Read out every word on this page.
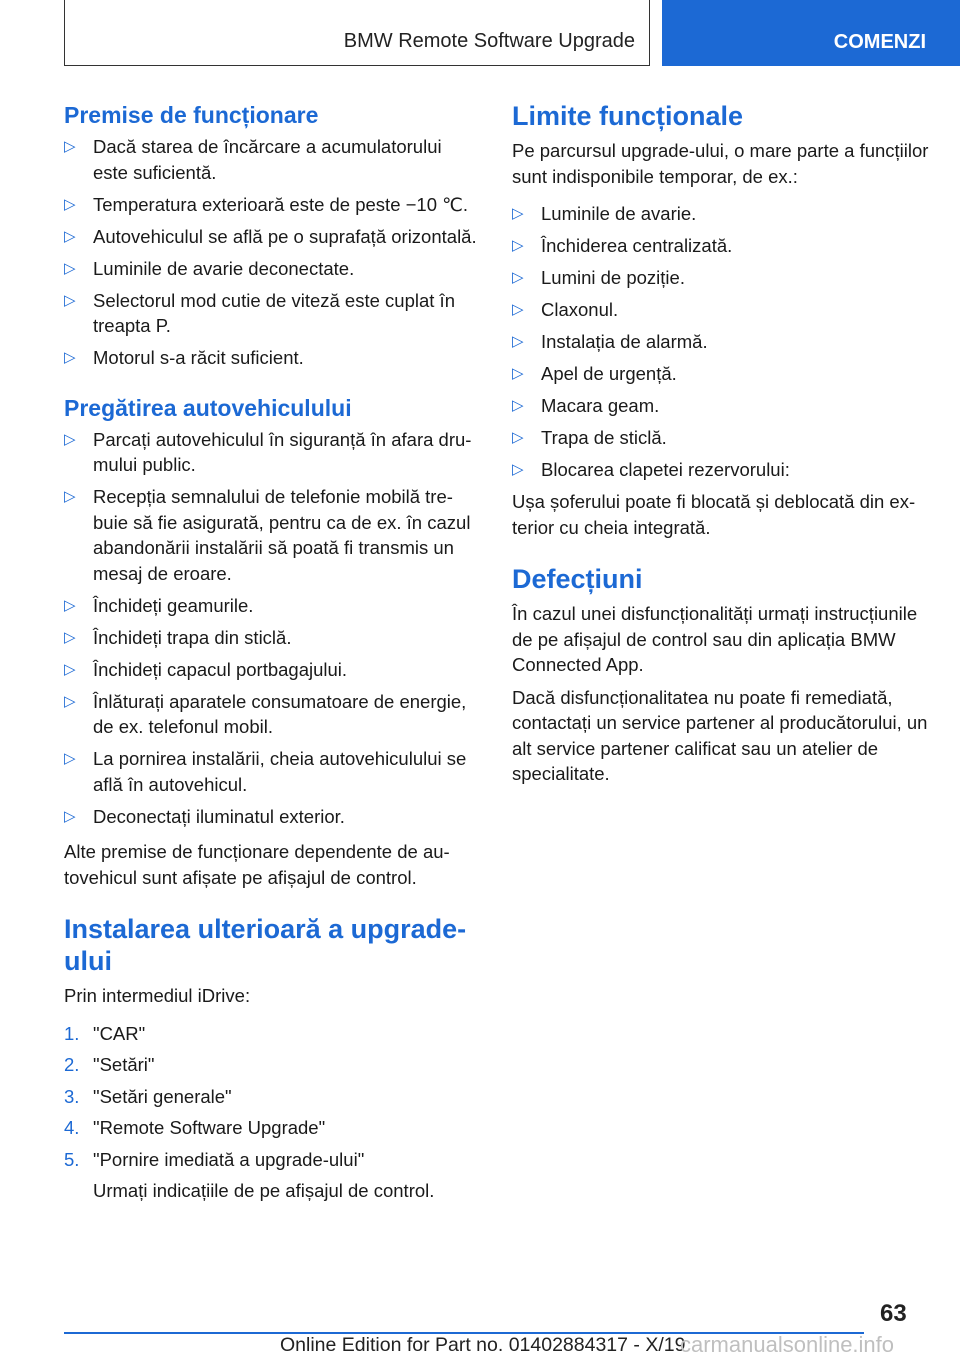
BMW Remote Software Upgrade	COMENZI
Premise de funcționare
▷ Dacă starea de încărcare a acumulatorului este suficientă.
▷ Temperatura exterioară este de peste −10 ℃.
▷ Autovehiculul se află pe o suprafață orizontală.
▷ Luminile de avarie deconectate.
▷ Selectorul mod cutie de viteză este cuplat în treapta P.
▷ Motorul s-a răcit suficient.
Pregătirea autovehiculului
▷ Parcați autovehiculul în siguranță în afara drumului public.
▷ Recepția semnalului de telefonie mobilă trebuie să fie asigurată, pentru ca de ex. în cazul abandonării instalării să poată fi transmis un mesaj de eroare.
▷ Închideți geamurile.
▷ Închideți trapa din sticlă.
▷ Închideți capacul portbagajului.
▷ Înlăturați aparatele consumatoare de energie, de ex. telefonul mobil.
▷ La pornirea instalării, cheia autovehiculului se află în autovehicul.
▷ Deconectați iluminatul exterior.

Alte premise de funcționare dependente de autovehicul sunt afișate pe afișajul de control.

Instalarea ulterioară a upgrade-ului

Prin intermediul iDrive:

1. "CAR"
2. "Setări"
3. "Setări generale"
4. "Remote Software Upgrade"
5. "Pornire imediată a upgrade-ului"

Urmați indicațiile de pe afișajul de control.

Limite funcționale

Pe parcursul upgrade-ului, o mare parte a funcțiilor sunt indisponibile temporar, de ex.:

▷ Luminile de avarie.
▷ Închiderea centralizată.
▷ Lumini de poziție.
▷ Claxonul.
▷ Instalația de alarmă.
▷ Apel de urgență.
▷ Macara geam.
▷ Trapa de sticlă.
▷ Blocarea clapetei rezervorului:

Ușa șoferului poate fi blocată și deblocată din exterior cu cheia integrată.

Defecțiuni

În cazul unei disfuncționalități urmați instrucțiunile de pe afișajul de control sau din aplicația BMW Connected App.

Dacă disfuncționalitatea nu poate fi remediată, contactați un service partener al producătorului, un alt service partener calificat sau un atelier de specialitate.

63
Online Edition for Part no. 01402884317 - X/19
carmanualsonline.info
